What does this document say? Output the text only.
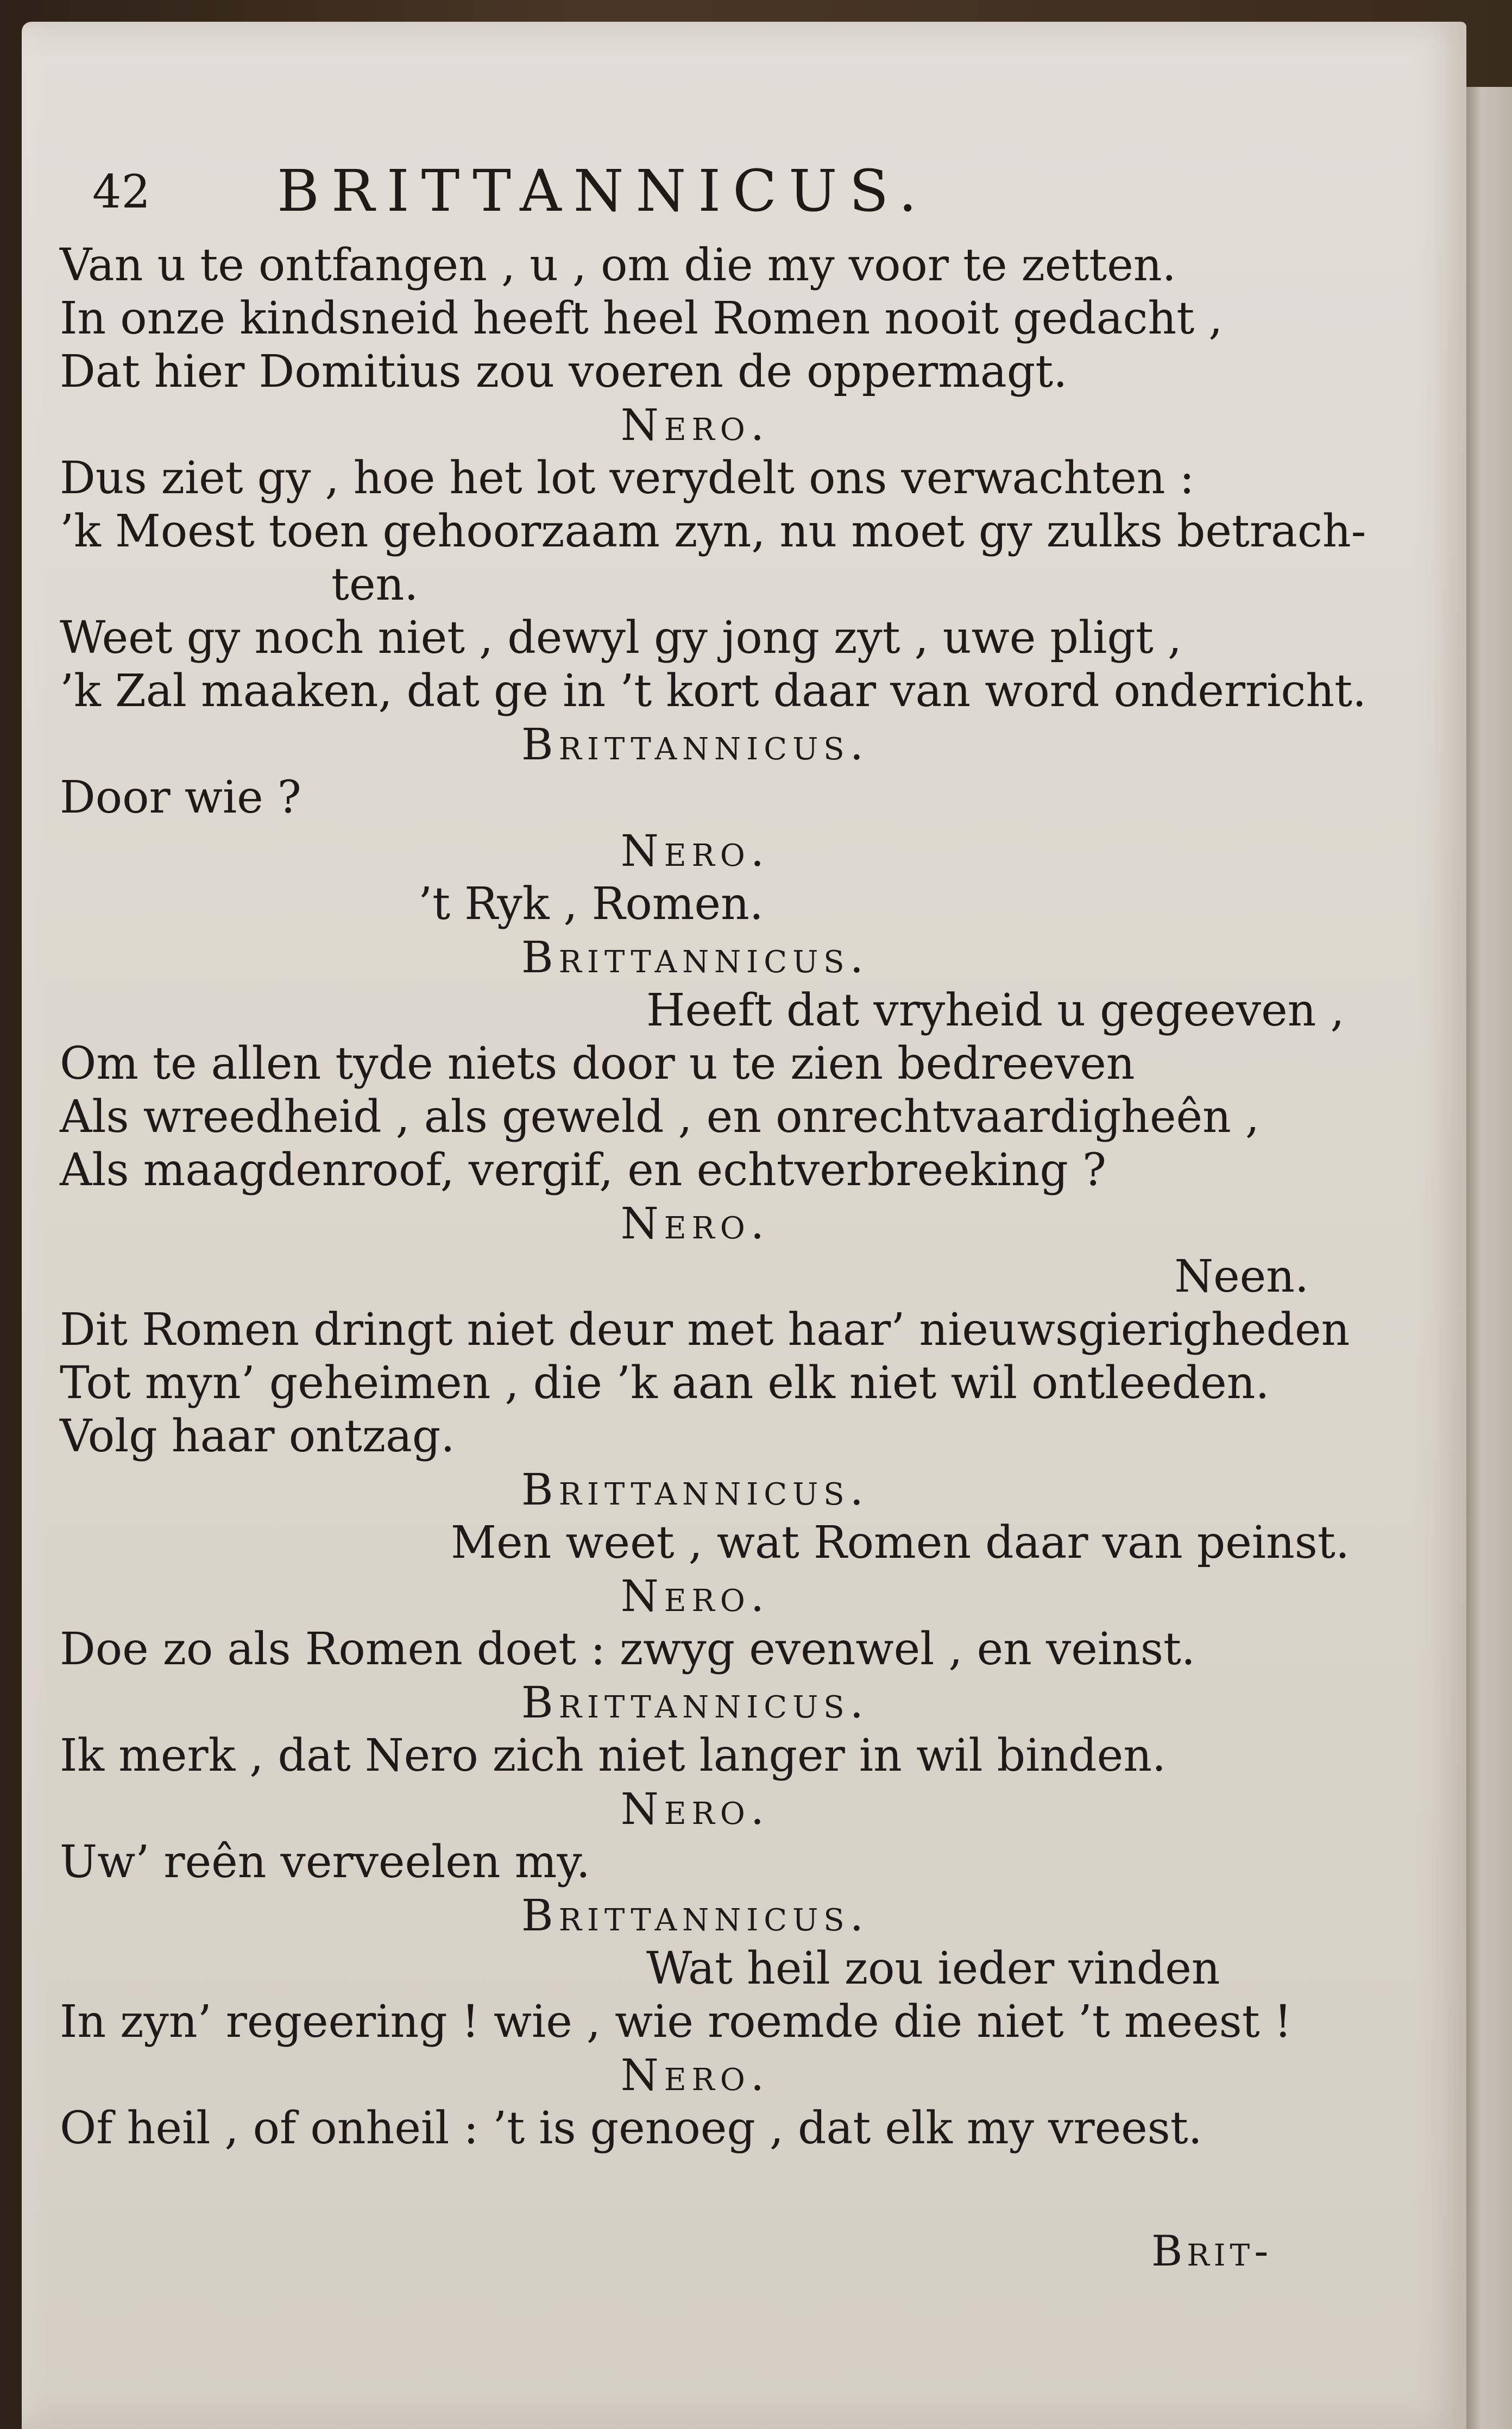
42 BRITTANNICUS.
Van u te ontfangen , u , om die my voor te zetten.
In onze kindsneid heeft heel Romen nooit gedacht ,
Dat hier Domitius zou voeren de oppermagt.
Nero.
Dus ziet gy , hoe het lot verydelt ons verwachten :
’k Moest toen gehoorzaam zyn, nu moet gy zulks betrach-
ten.
Weet gy noch niet , dewyl gy jong zyt , uwe pligt ,
’k Zal maaken, dat ge in ’t kort daar van word onderricht.
Brittannicus.
Door wie ?
Nero.
’t Ryk , Romen.
Brittannicus.
Heeft dat vryheid u gegeeven ,
Om te allen tyde niets door u te zien bedreeven
Als wreedheid , als geweld , en onrechtvaardigheên ,
Als maagdenroof, vergif, en echtverbreeking ?
Nero.
Neen.
Dit Romen dringt niet deur met haar’ nieuwsgierigheden
Tot myn’ geheimen , die ’k aan elk niet wil ontleeden.
Volg haar ontzag.
Brittannicus.
Men weet , wat Romen daar van peinst.
Nero.
Doe zo als Romen doet : zwyg evenwel , en veinst.
Brittannicus.
Ik merk , dat Nero zich niet langer in wil binden.
Nero.
Uw’ reên verveelen my.
Brittannicus.
Wat heil zou ieder vinden
In zyn’ regeering ! wie , wie roemde die niet ’t meest !
Nero.
Of heil , of onheil : ’t is genoeg , dat elk my vreest.
Brit-
